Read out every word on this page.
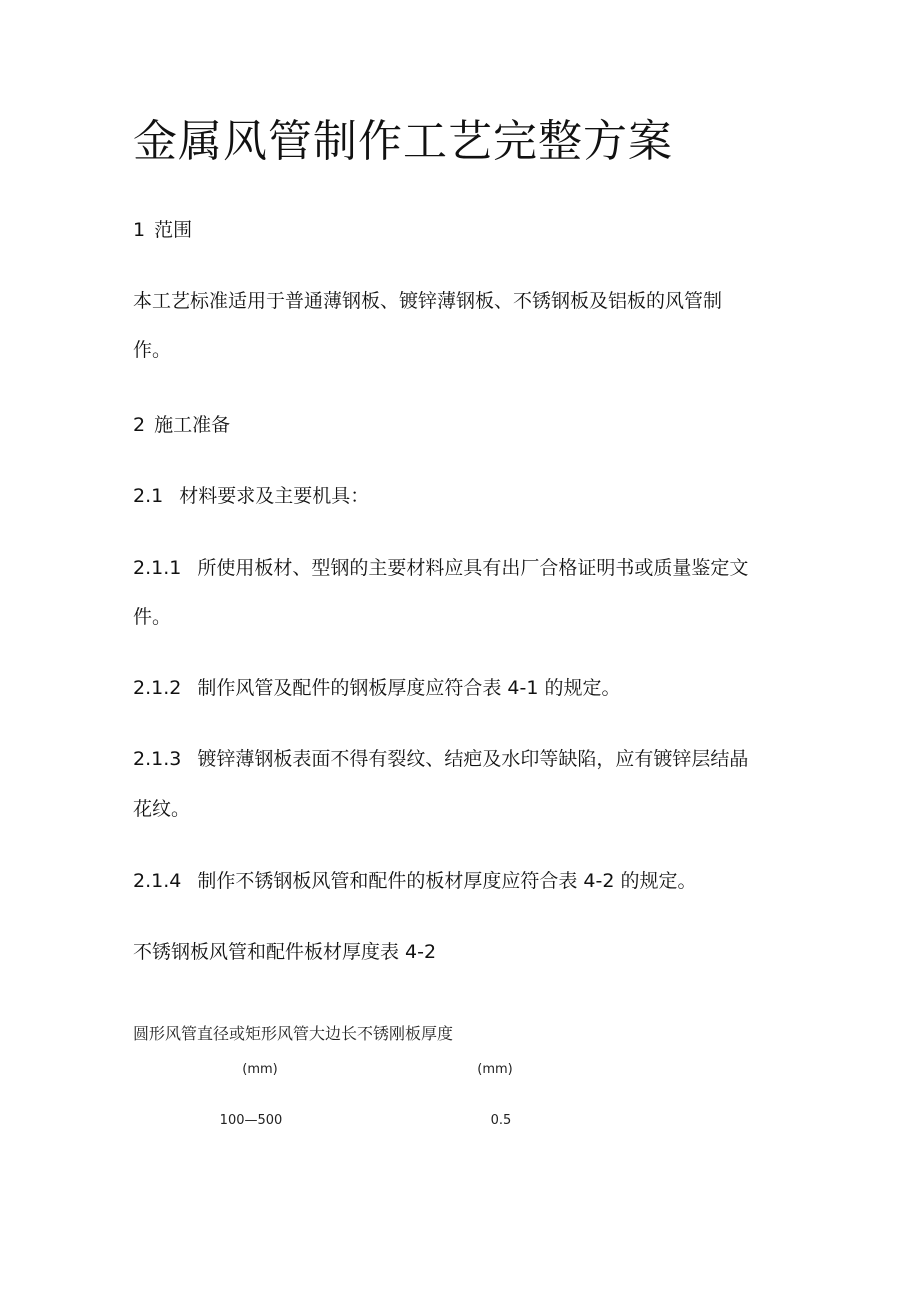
金属风管制作工艺完整方案

1 范围

本工艺标准适用于普通薄钢板、镀锌薄钢板、不锈钢板及铝板的风管制

作。

2 施工准备

2.1 材料要求及主要机具：

2.1.1 所使用板材、型钢的主要材料应具有出厂合格证明书或质量鉴定文

件。

2.1.2 制作风管及配件的钢板厚度应符合表 4-1 的规定。

2.1.3 镀锌薄钢板表面不得有裂纹、结疤及水印等缺陷，应有镀锌层结晶

花纹。

2.1.4 制作不锈钢板风管和配件的板材厚度应符合表 4-2 的规定。

不锈钢板风管和配件板材厚度表 4-2

圆形风管直径或矩形风管大边长不锈刚板厚度
(mm)	(mm)
100—500	0.5
